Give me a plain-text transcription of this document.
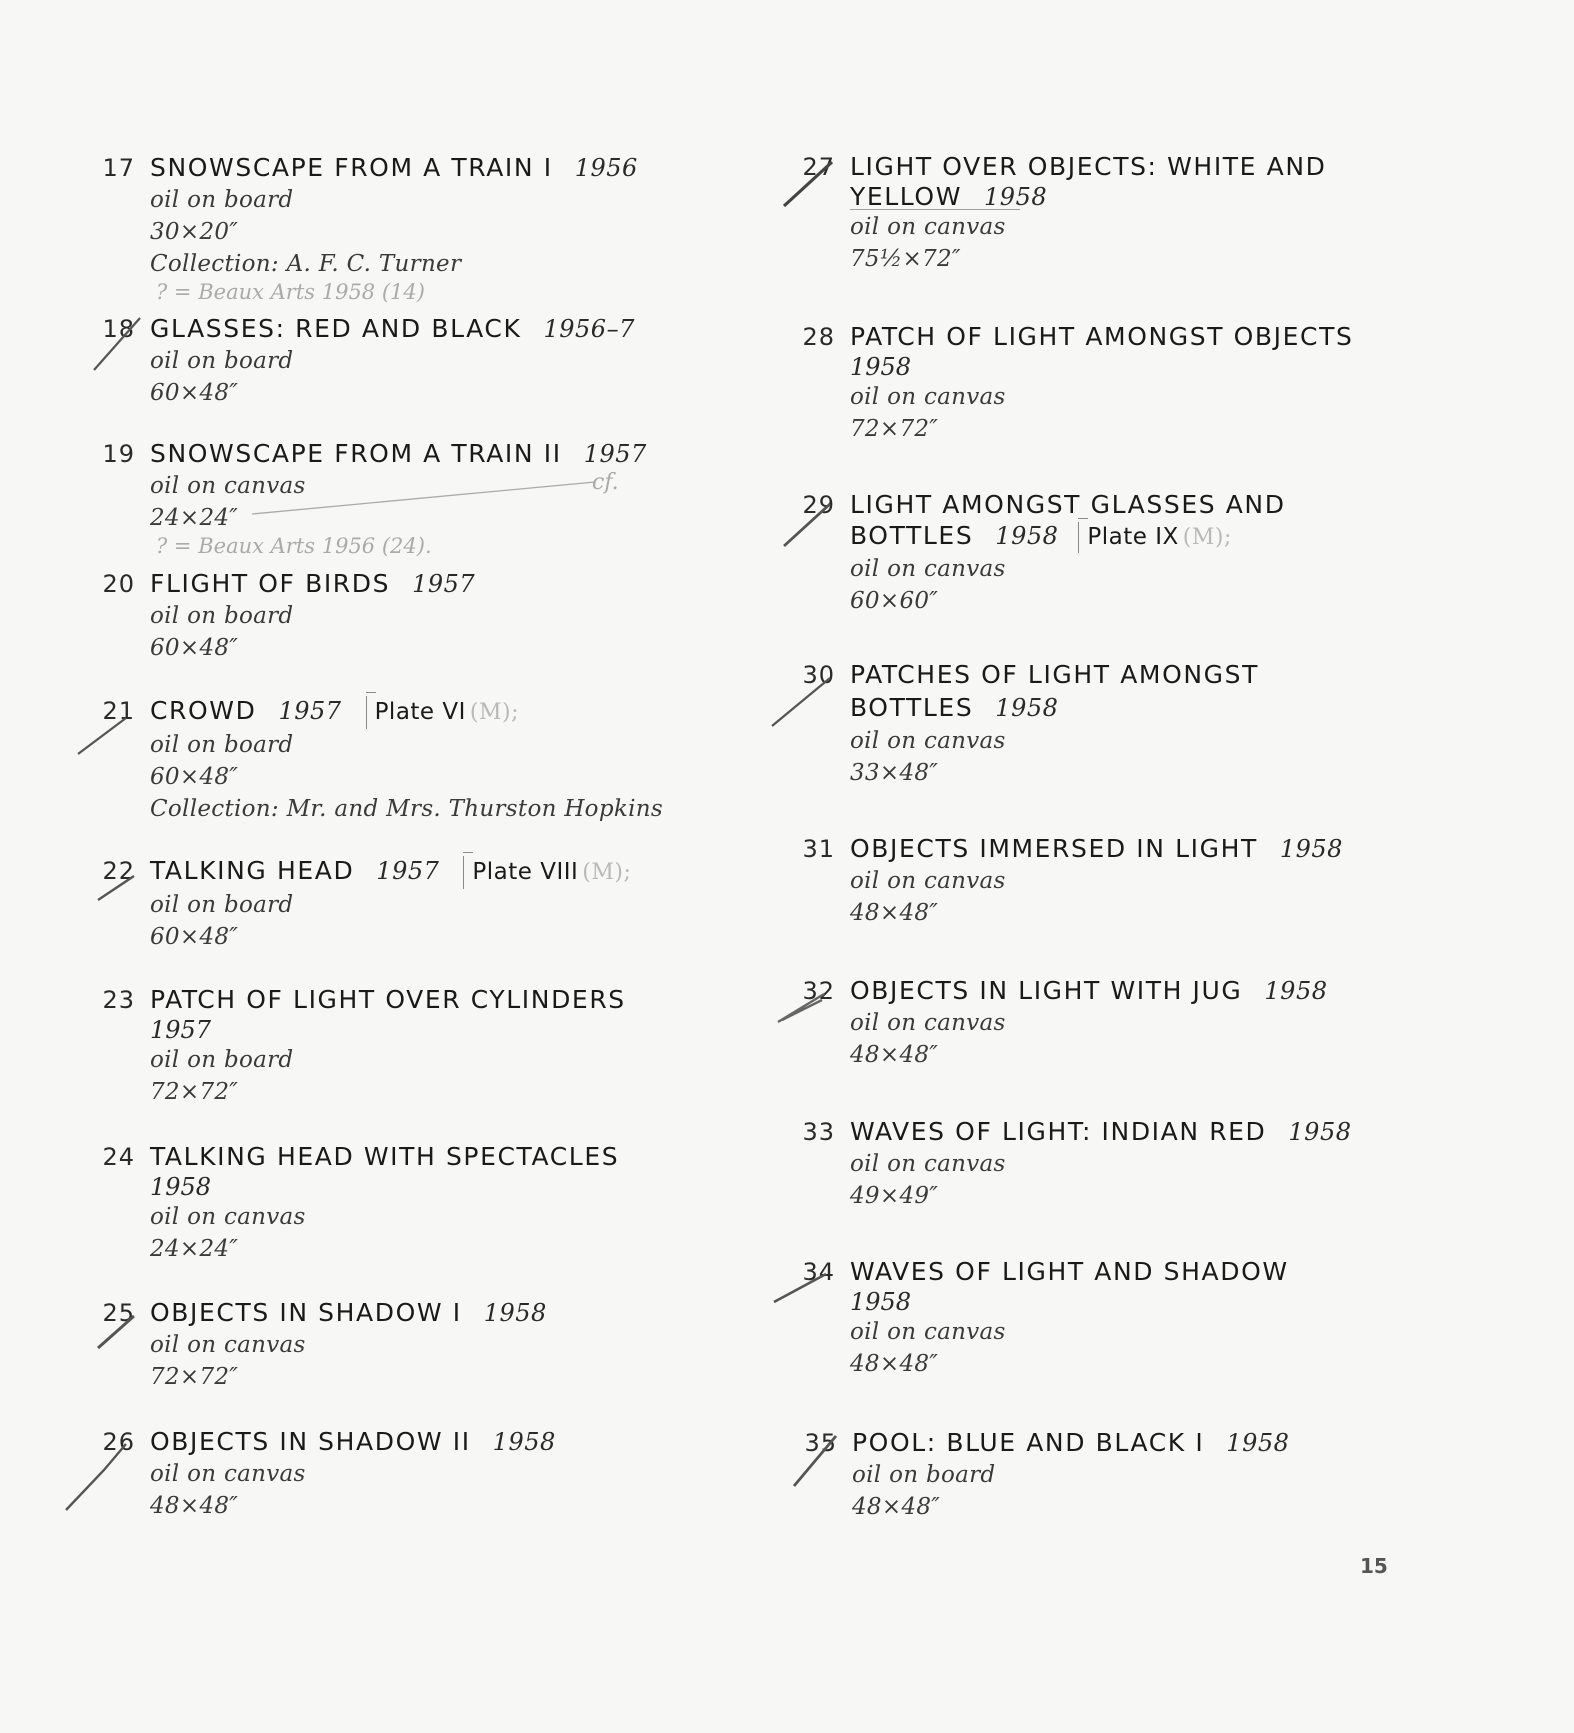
17 SNOWSCAPE FROM A TRAIN I 1956
oil on board
30×20″
Collection: A. F. C. Turner
? = Beaux Arts 1958 (14)
18 GLASSES: RED AND BLACK 1956–7
oil on board
60×48″
19 SNOWSCAPE FROM A TRAIN II 1957
oil on canvas
24×24″
? = Beaux Arts 1956 (24).
cf.
20 FLIGHT OF BIRDS 1957
oil on board
60×48″
21 CROWD 1957 Plate VI (M);
oil on board
60×48″
Collection: Mr. and Mrs. Thurston Hopkins
22 TALKING HEAD 1957 Plate VIII (M);
oil on board
60×48″
23 PATCH OF LIGHT OVER CYLINDERS
1957
oil on board
72×72″
24 TALKING HEAD WITH SPECTACLES
1958
oil on canvas
24×24″
25 OBJECTS IN SHADOW I 1958
oil on canvas
72×72″
26 OBJECTS IN SHADOW II 1958
oil on canvas
48×48″
27 LIGHT OVER OBJECTS: WHITE AND
YELLOW 1958
oil on canvas
75½×72″
28 PATCH OF LIGHT AMONGST OBJECTS
1958
oil on canvas
72×72″
29 LIGHT AMONGST GLASSES AND
BOTTLES 1958 Plate IX (M);
oil on canvas
60×60″
30 PATCHES OF LIGHT AMONGST
BOTTLES 1958
oil on canvas
33×48″
31 OBJECTS IMMERSED IN LIGHT 1958
oil on canvas
48×48″
32 OBJECTS IN LIGHT WITH JUG 1958
oil on canvas
48×48″
33 WAVES OF LIGHT: INDIAN RED 1958
oil on canvas
49×49″
34 WAVES OF LIGHT AND SHADOW
1958
oil on canvas
48×48″
35 POOL: BLUE AND BLACK I 1958
oil on board
48×48″
15
